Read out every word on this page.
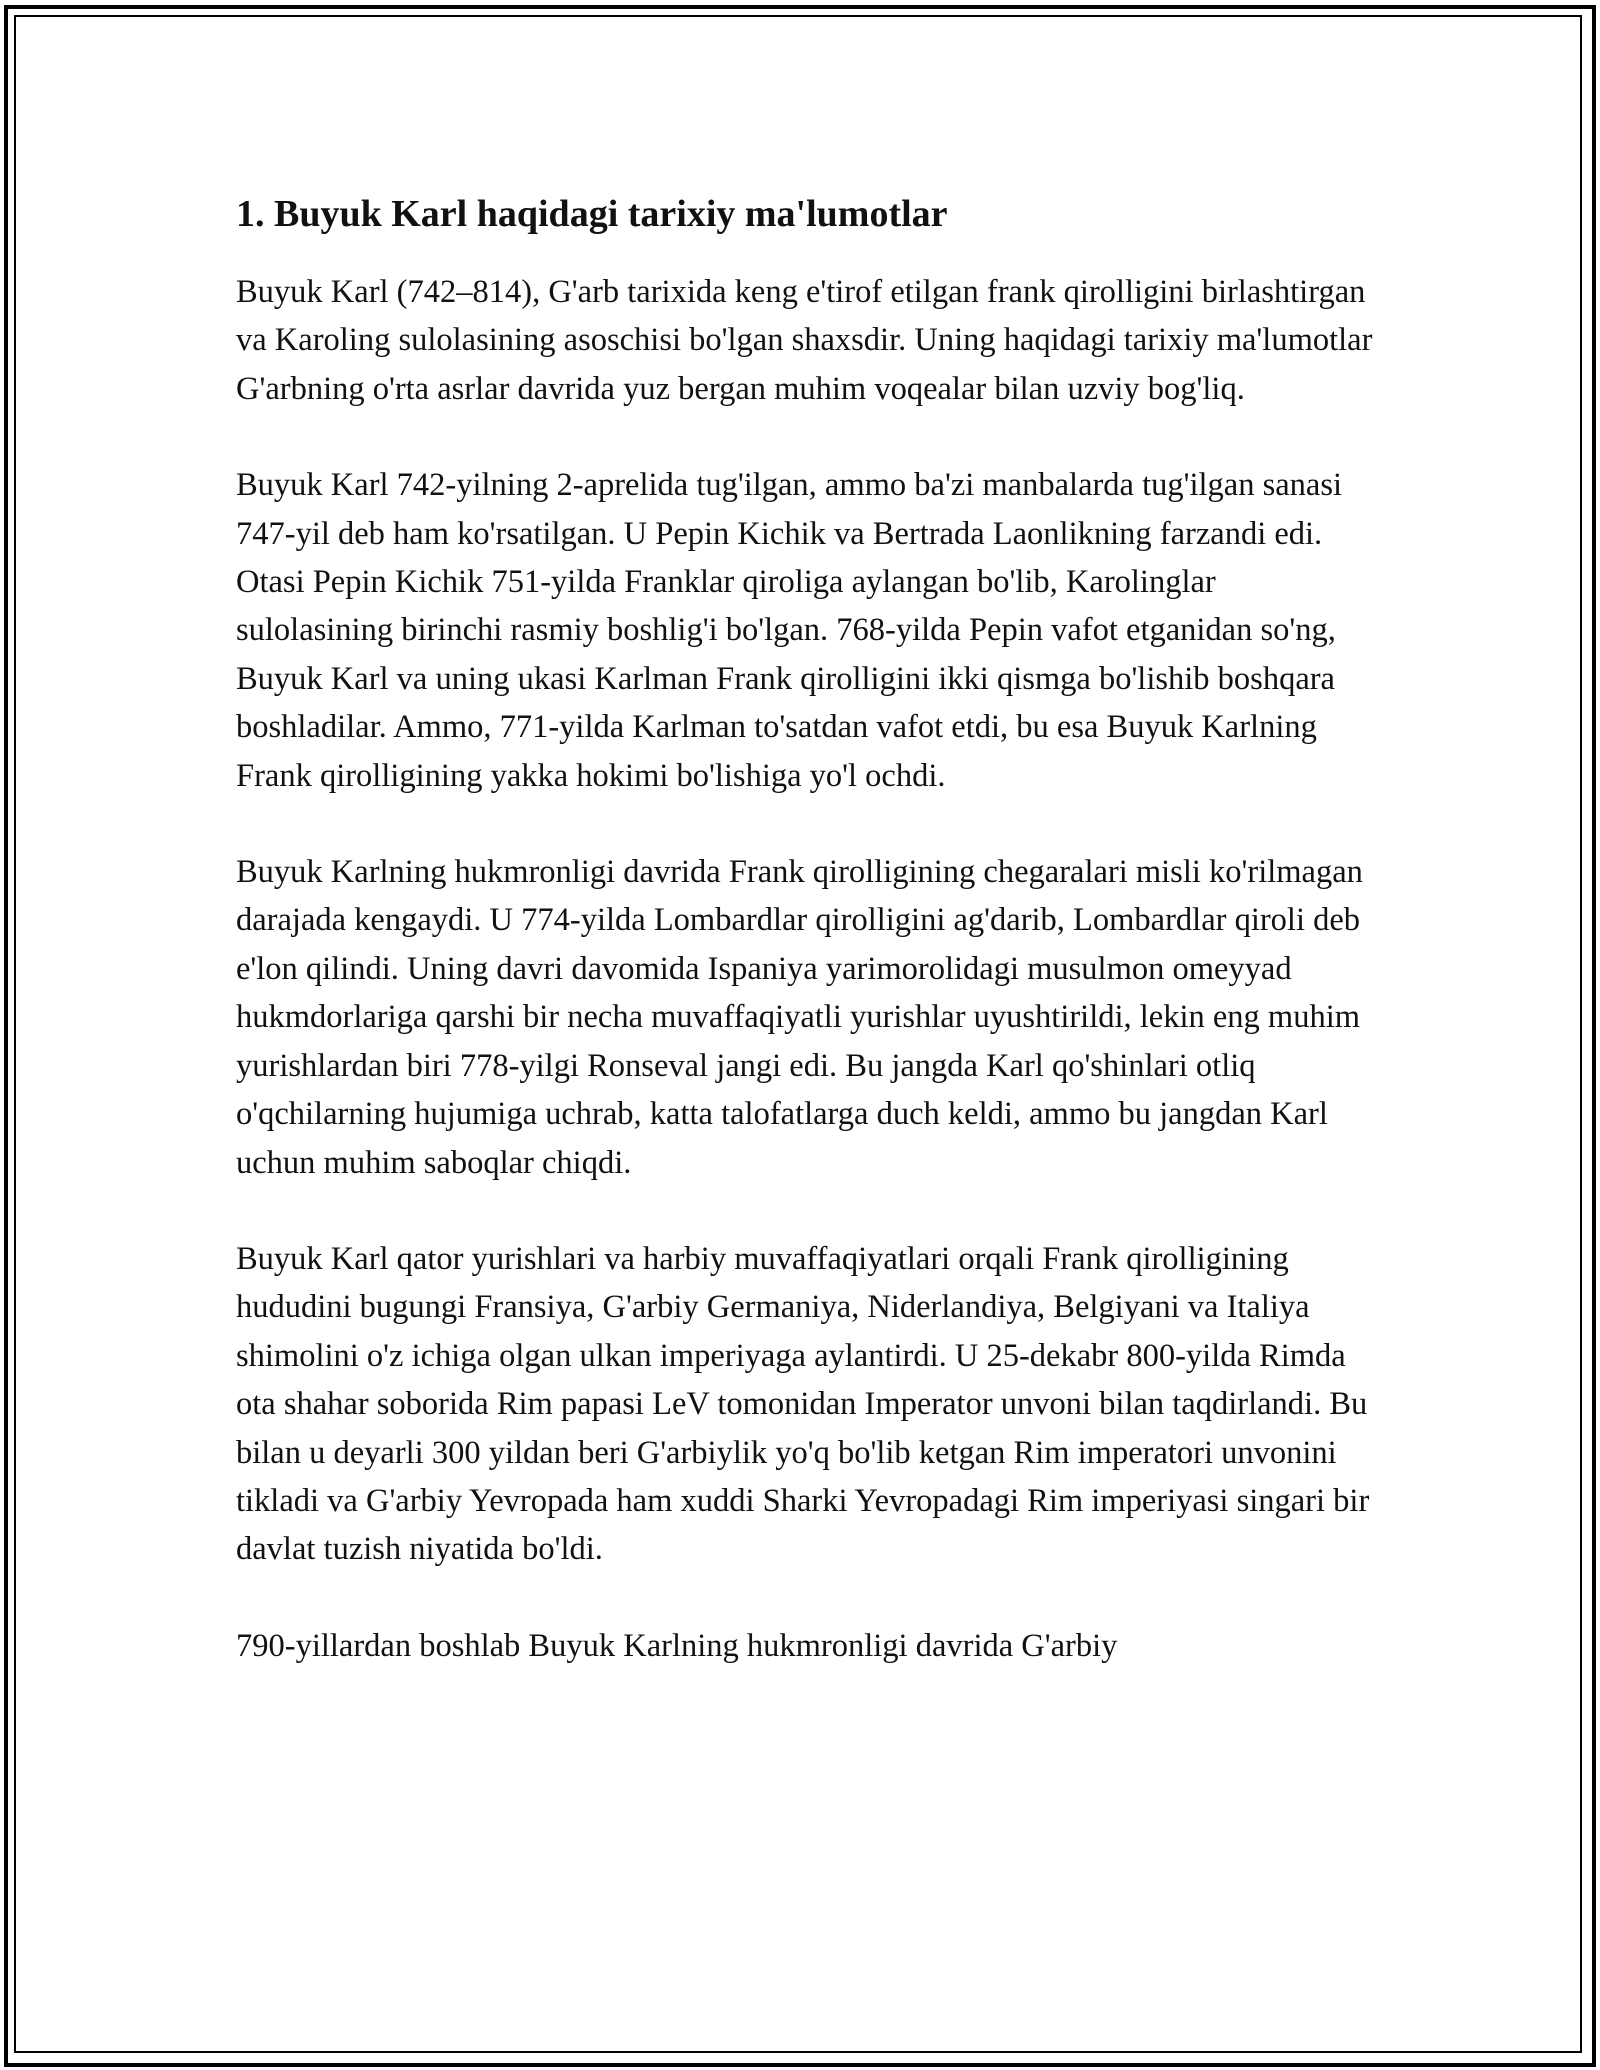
1. Buyuk Karl haqidagi tarixiy ma'lumotlar

Buyuk Karl (742–814), G'arb tarixida keng e'tirof etilgan frank qirolligini birlashtirgan va Karoling sulolasining asoschisi bo'lgan shaxsdir. Uning haqidagi tarixiy ma'lumotlar G'arbning o'rta asrlar davrida yuz bergan muhim voqealar bilan uzviy bog'liq.

Buyuk Karl 742-yilning 2-aprelida tug'ilgan, ammo ba'zi manbalarda tug'ilgan sanasi 747-yil deb ham ko'rsatilgan. U Pepin Kichik va Bertrada Laonlikning farzandi edi. Otasi Pepin Kichik 751-yilda Franklar qiroliga aylangan bo'lib, Karolinglar sulolasining birinchi rasmiy boshlig'i bo'lgan. 768-yilda Pepin vafot etganidan so'ng, Buyuk Karl va uning ukasi Karlman Frank qirolligini ikki qismga bo'lishib boshqara boshladilar. Ammo, 771-yilda Karlman to'satdan vafot etdi, bu esa Buyuk Karlning Frank qirolligining yakka hokimi bo'lishiga yo'l ochdi.

Buyuk Karlning hukmronligi davrida Frank qirolligining chegaralari misli ko'rilmagan darajada kengaydi. U 774-yilda Lombardlar qirolligini ag'darib, Lombardlar qiroli deb e'lon qilindi. Uning davri davomida Ispaniya yarimorolidagi musulmon omeyyad hukmdorlariga qarshi bir necha muvaffaqiyatli yurishlar uyushtirildi, lekin eng muhim yurishlardan biri 778-yilgi Ronseval jangi edi. Bu jangda Karl qo'shinlari otliq o'qchilarning hujumiga uchrab, katta talofatlarga duch keldi, ammo bu jangdan Karl uchun muhim saboqlar chiqdi.

Buyuk Karl qator yurishlari va harbiy muvaffaqiyatlari orqali Frank qirolligining hududini bugungi Fransiya, G'arbiy Germaniya, Niderlandiya, Belgiyani va Italiya shimolini o'z ichiga olgan ulkan imperiyaga aylantirdi. U 25-dekabr 800-yilda Rimda ota shahar soborida Rim papasi LeV tomonidan Imperator unvoni bilan taqdirlandi. Bu bilan u deyarli 300 yildan beri G'arbiylik yo'q bo'lib ketgan Rim imperatori unvonini tikladi va G'arbiy Yevropada ham xuddi Sharki Yevropadagi Rim imperiyasi singari bir davlat tuzish niyatida bo'ldi.

790-yillardan boshlab Buyuk Karlning hukmronligi davrida G'arbiy
